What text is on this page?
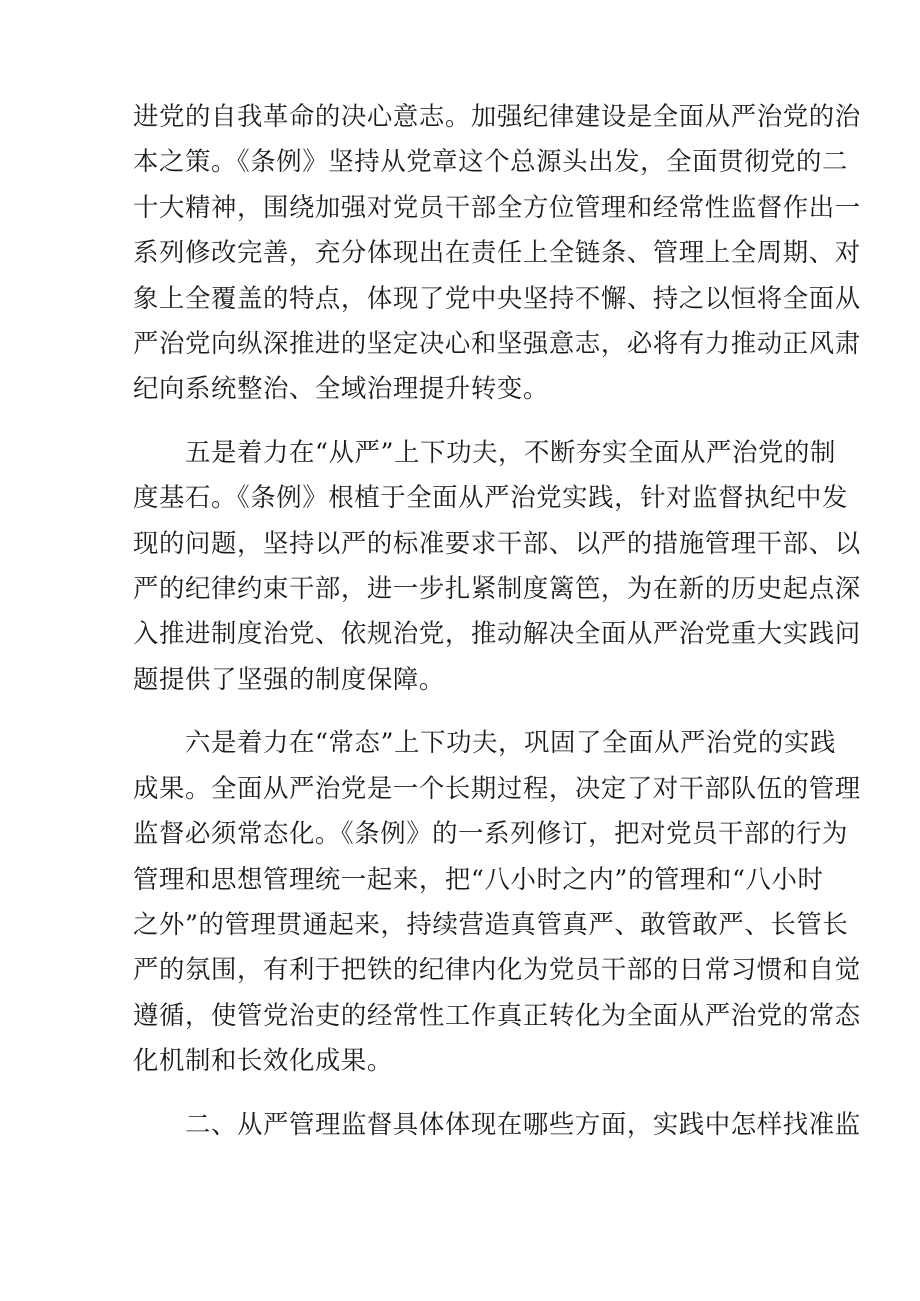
进党的自我革命的决心意志。加强纪律建设是全面从严治党的治
本之策。《条例》坚持从党章这个总源头出发，全面贯彻党的二
十大精神，围绕加强对党员干部全方位管理和经常性监督作出一
系列修改完善，充分体现出在责任上全链条、管理上全周期、对
象上全覆盖的特点，体现了党中央坚持不懈、持之以恒将全面从
严治党向纵深推进的坚定决心和坚强意志，必将有力推动正风肃
纪向系统整治、全域治理提升转变。

五是着力在“从严”上下功夫，不断夯实全面从严治党的制
度基石。《条例》根植于全面从严治党实践，针对监督执纪中发
现的问题，坚持以严的标准要求干部、以严的措施管理干部、以
严的纪律约束干部，进一步扎紧制度篱笆，为在新的历史起点深
入推进制度治党、依规治党，推动解决全面从严治党重大实践问
题提供了坚强的制度保障。

六是着力在“常态”上下功夫，巩固了全面从严治党的实践
成果。全面从严治党是一个长期过程，决定了对干部队伍的管理
监督必须常态化。《条例》的一系列修订，把对党员干部的行为
管理和思想管理统一起来，把“八小时之内”的管理和“八小时
之外”的管理贯通起来，持续营造真管真严、敢管敢严、长管长
严的氛围，有利于把铁的纪律内化为党员干部的日常习惯和自觉
遵循，使管党治吏的经常性工作真正转化为全面从严治党的常态
化机制和长效化成果。

二、从严管理监督具体体现在哪些方面，实践中怎样找准监
